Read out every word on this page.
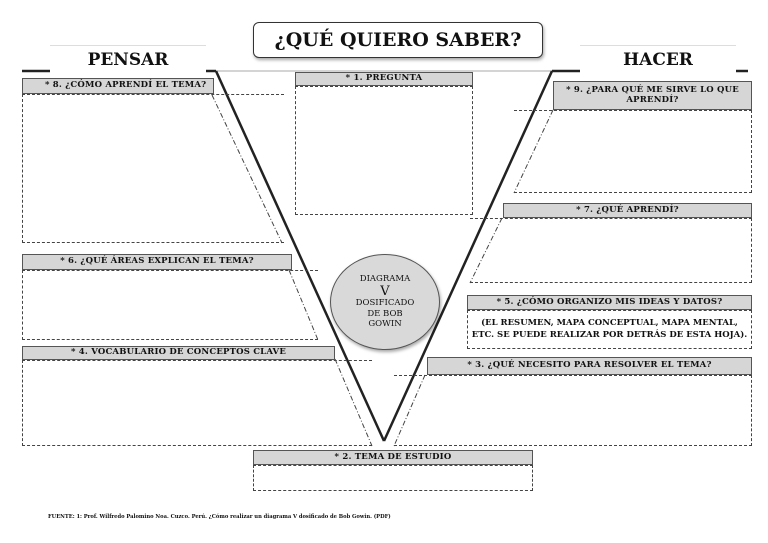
¿QUÉ QUIERO SABER?
PENSAR	HACER
* 1. PREGUNTA
* 8. ¿CÓMO APRENDÍ EL TEMA?
* 6. ¿QUÉ ÁREAS EXPLICAN EL TEMA?
* 4. VOCABULARIO DE CONCEPTOS CLAVE
* 9. ¿PARA QUÉ ME SIRVE LO QUE
APRENDÍ?
* 7. ¿QUÉ APRENDÍ?
* 5. ¿CÓMO ORGANIZO MIS IDEAS Y DATOS?
(EL RESUMEN, MAPA CONCEPTUAL, MAPA MENTAL,
ETC. SE PUEDE REALIZAR POR DETRÁS DE ESTA HOJA).
* 3. ¿QUÉ NECESITO PARA RESOLVER EL TEMA?
* 2. TEMA DE ESTUDIO
DIAGRAMA
V
DOSIFICADO
DE BOB
GOWIN
FUENTE: 1: Prof. Wilfredo Palomino Noa. Cuzco. Perú. ¿Cómo realizar un diagrama V dosificado de Bob Gowin. (PDF)
